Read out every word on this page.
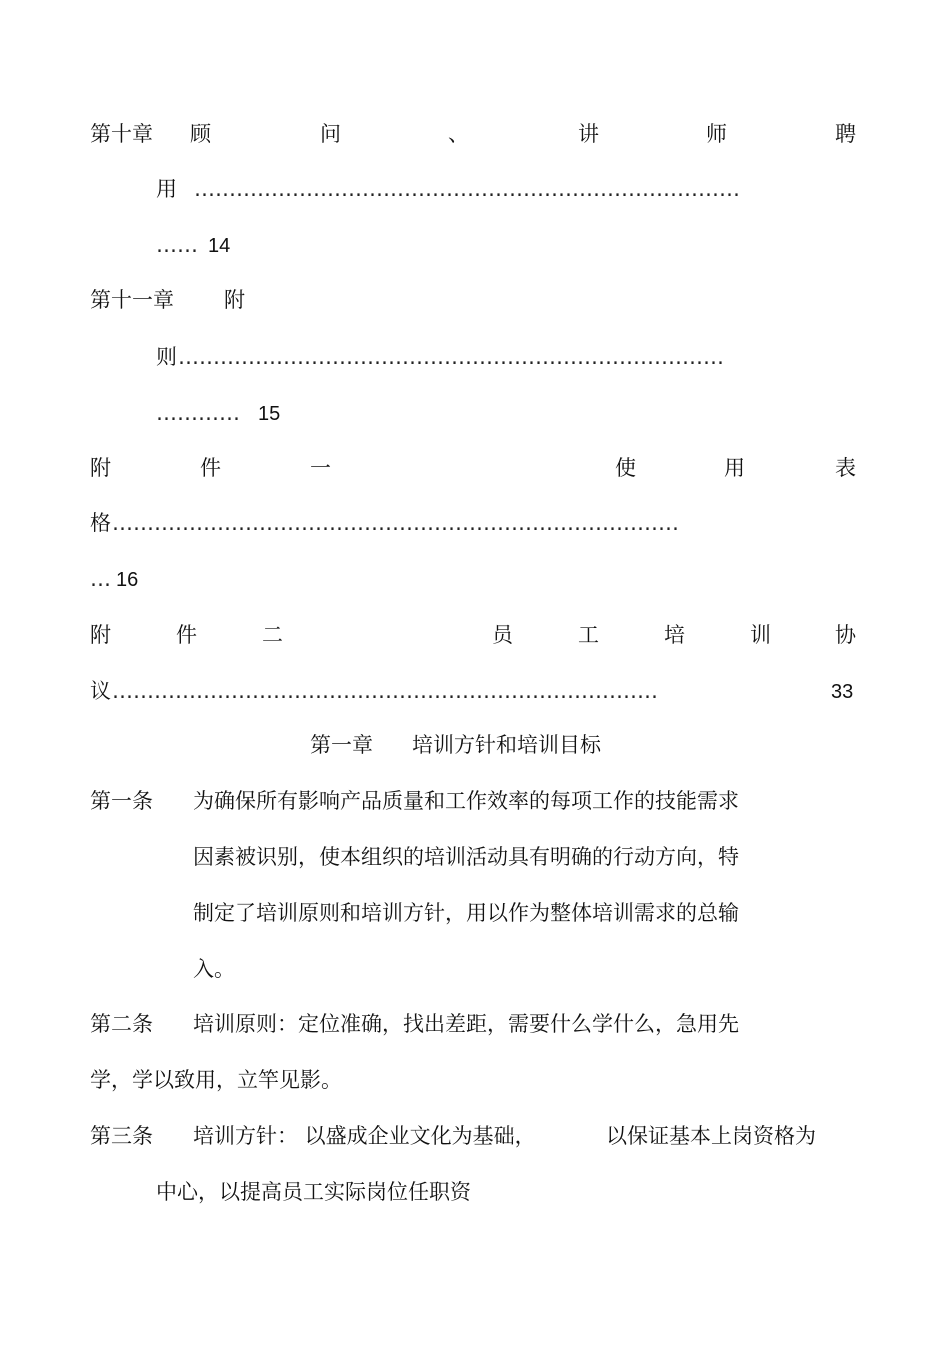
第十章 顾	问	、	讲	师	聘
用 ……………………………………………………………………
…… 14
第十一章 附
则 ……………………………………………………………………
………… 15
附	件	一	使	用	表
格 ………………………………………………………………………
… 16
附	件	二	员	工	培	训	协
议 ……………………………………………………………………	33
第一章 培训方针和培训目标
第一条 为确保所有影响产品质量和工作效率的每项工作的技能需求
因素被识别，使本组织的培训活动具有明确的行动方向，特
制定了培训原则和培训方针，用以作为整体培训需求的总输
入。
第二条 培训原则：定位准确，找出差距，需要什么学什么，急用先
学，学以致用，立竿见影。
第三条 培训方针： 以盛成企业文化为基础，	以保证基本上岗资格为
中心，以提高员工实际岗位任职资
